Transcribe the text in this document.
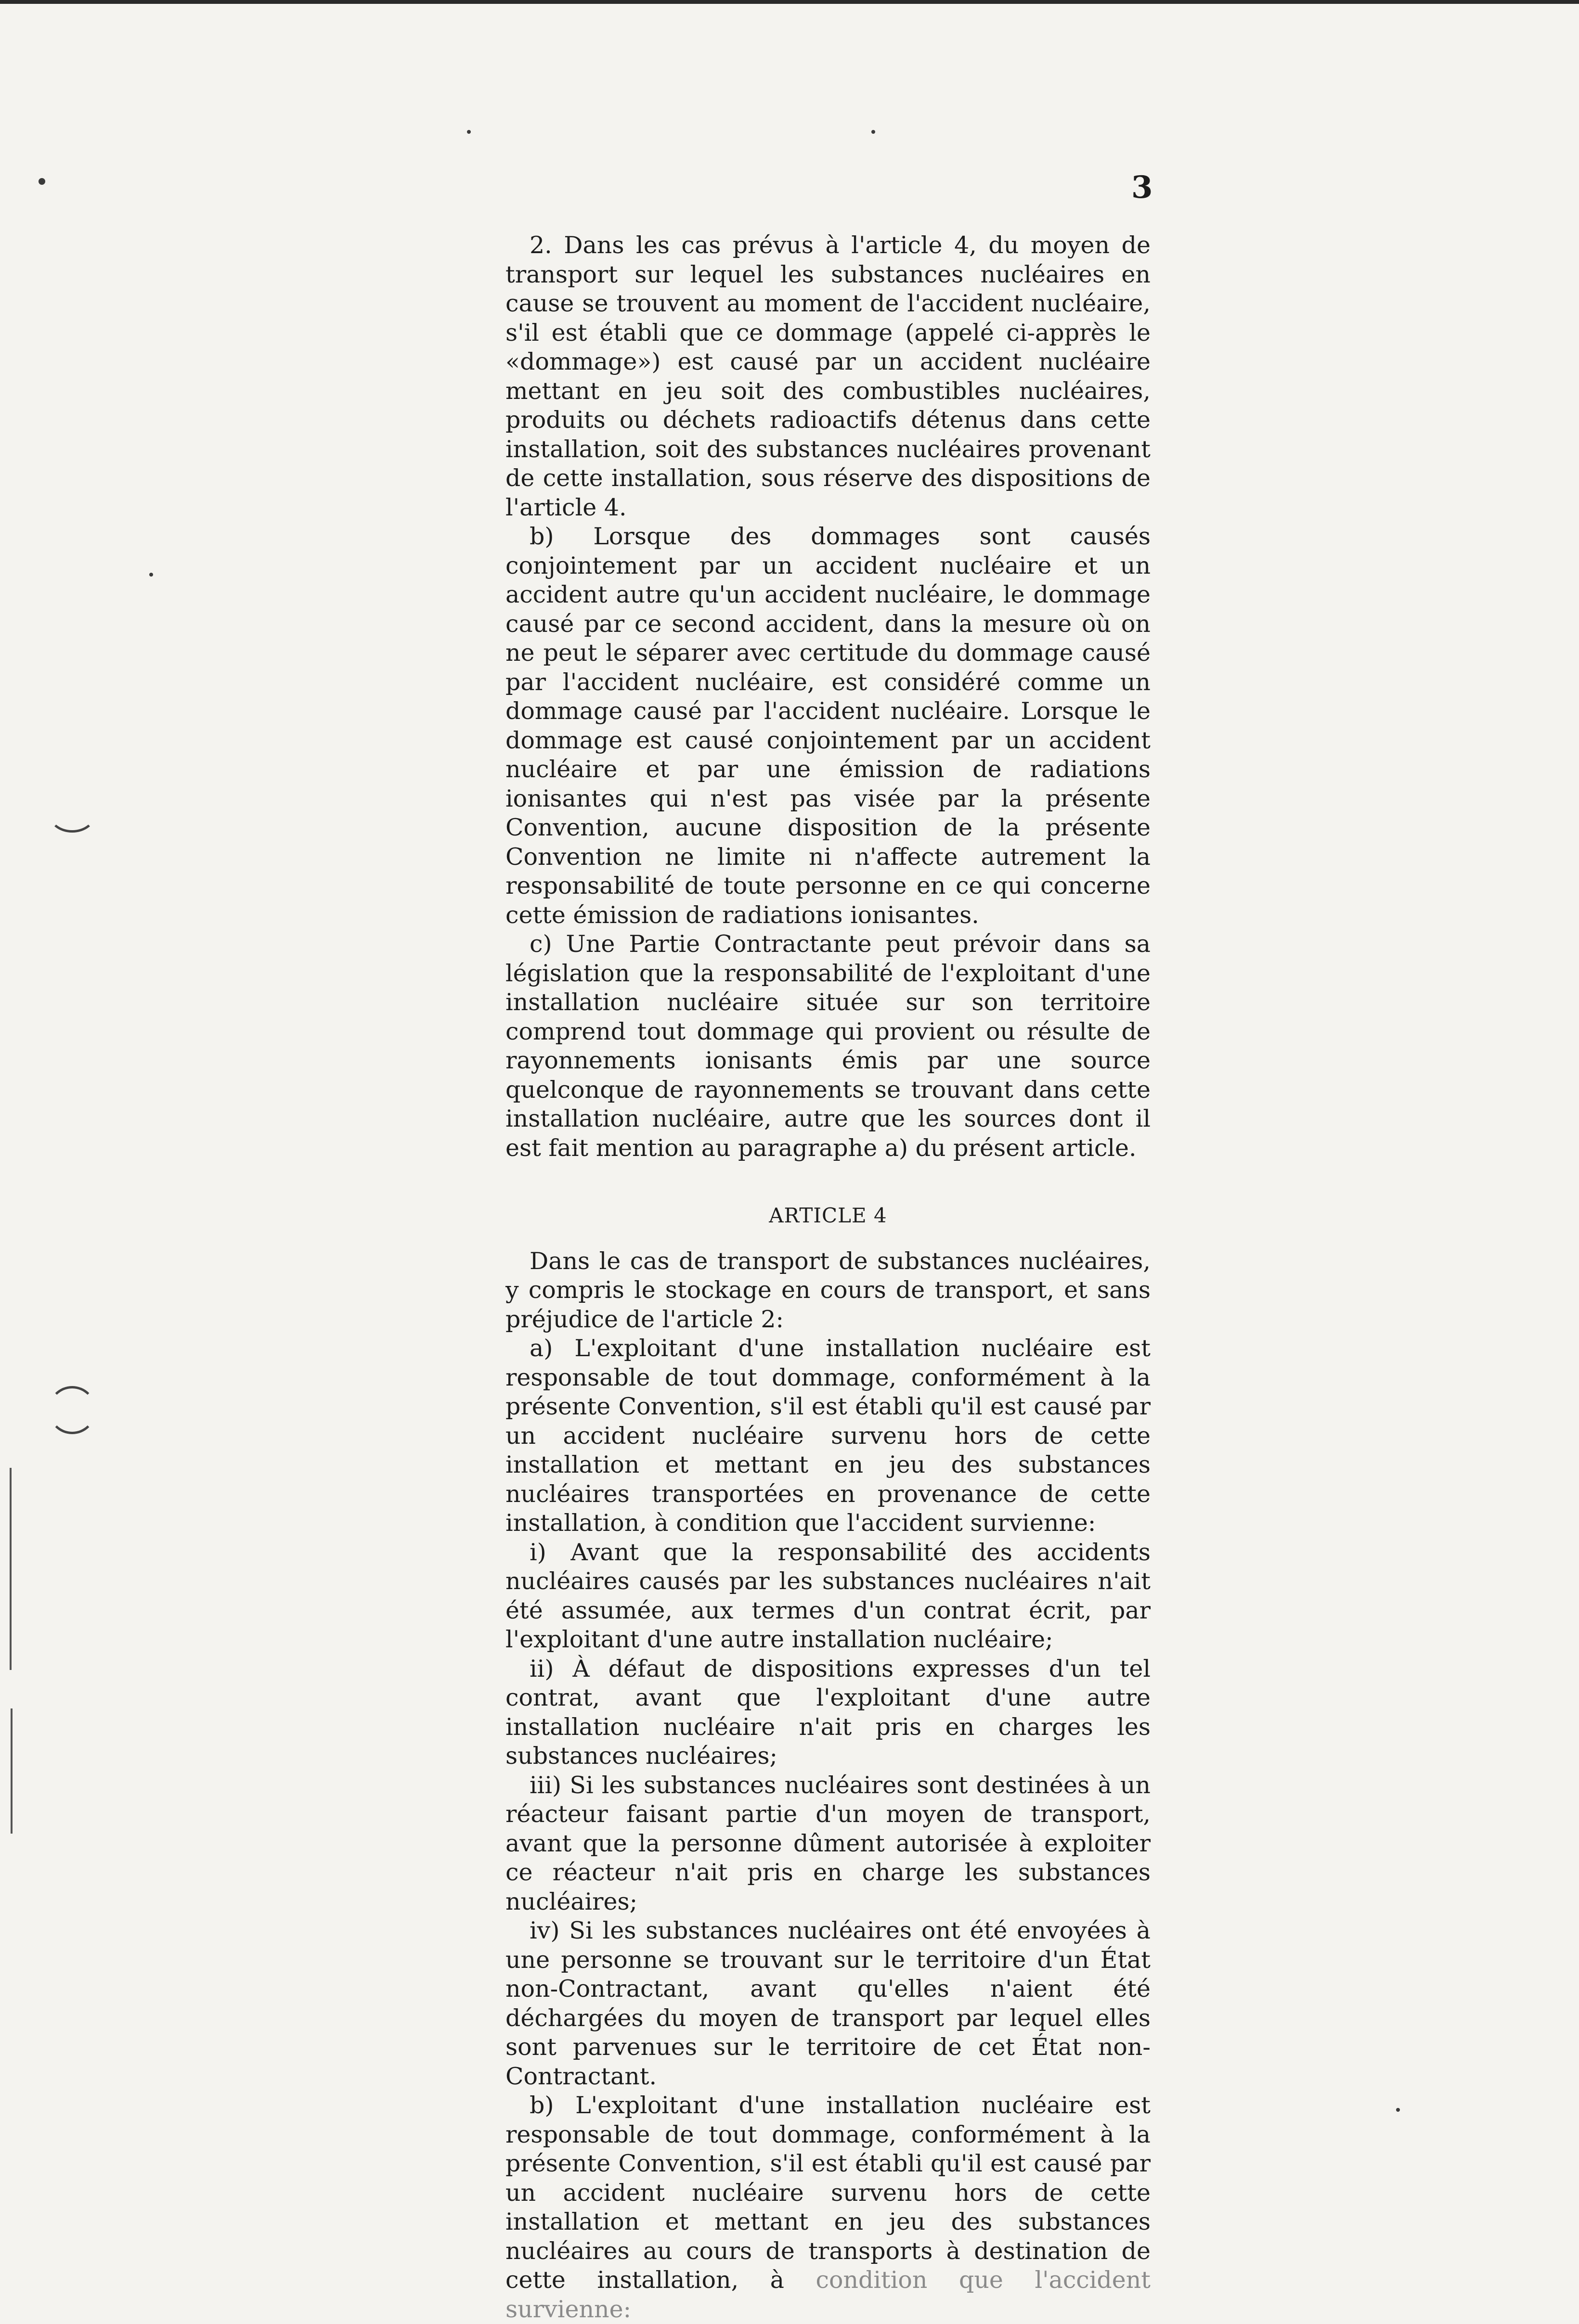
3

2. Dans les cas prévus à l'article 4, du moyen de transport sur lequel les substances nucléaires en cause se trouvent au moment de l'accident nucléaire, s'il est établi que ce dommage (appelé ci-apprès le «dommage») est causé par un accident nucléaire mettant en jeu soit des combustibles nucléaires, produits ou déchets radioactifs détenus dans cette installation, soit des substances nucléaires provenant de cette installation, sous réserve des dispositions de l'article 4.

b) Lorsque des dommages sont causés conjointement par un accident nucléaire et un accident autre qu'un accident nucléaire, le dommage causé par ce second accident, dans la mesure où on ne peut le séparer avec certitude du dommage causé par l'accident nucléaire, est considéré comme un dommage causé par l'accident nucléaire. Lorsque le dommage est causé conjointement par un accident nucléaire et par une émission de radiations ionisantes qui n'est pas visée par la présente Convention, aucune disposition de la présente Convention ne limite ni n'affecte autrement la responsabilité de toute personne en ce qui concerne cette émission de radiations ionisantes.

c) Une Partie Contractante peut prévoir dans sa législation que la responsabilité de l'exploitant d'une installation nucléaire située sur son territoire comprend tout dommage qui provient ou résulte de rayonnements ionisants émis par une source quelconque de rayonnements se trouvant dans cette installation nucléaire, autre que les sources dont il est fait mention au paragraphe a) du présent article.

ARTICLE 4

Dans le cas de transport de substances nucléaires, y compris le stockage en cours de transport, et sans préjudice de l'article 2:

a) L'exploitant d'une installation nucléaire est responsable de tout dommage, conformément à la présente Convention, s'il est établi qu'il est causé par un accident nucléaire survenu hors de cette installation et mettant en jeu des substances nucléaires transportées en provenance de cette installation, à condition que l'accident survienne:

i) Avant que la responsabilité des accidents nucléaires causés par les substances nucléaires n'ait été assumée, aux termes d'un contrat écrit, par l'exploitant d'une autre installation nucléaire;

ii) À défaut de dispositions expresses d'un tel contrat, avant que l'exploitant d'une autre installation nucléaire n'ait pris en charges les substances nucléaires;

iii) Si les substances nucléaires sont destinées à un réacteur faisant partie d'un moyen de transport, avant que la personne dûment autorisée à exploiter ce réacteur n'ait pris en charge les substances nucléaires;

iv) Si les substances nucléaires ont été envoyées à une personne se trouvant sur le territoire d'un État non-Contractant, avant qu'elles n'aient été déchargées du moyen de transport par lequel elles sont parvenues sur le territoire de cet État non-Contractant.

b) L'exploitant d'une installation nucléaire est responsable de tout dommage, conformément à la présente Convention, s'il est établi qu'il est causé par un accident nucléaire survenu hors de cette installation et mettant en jeu des substances nucléaires au cours de transports à destination de cette installation, à condition que l'accident survienne:
